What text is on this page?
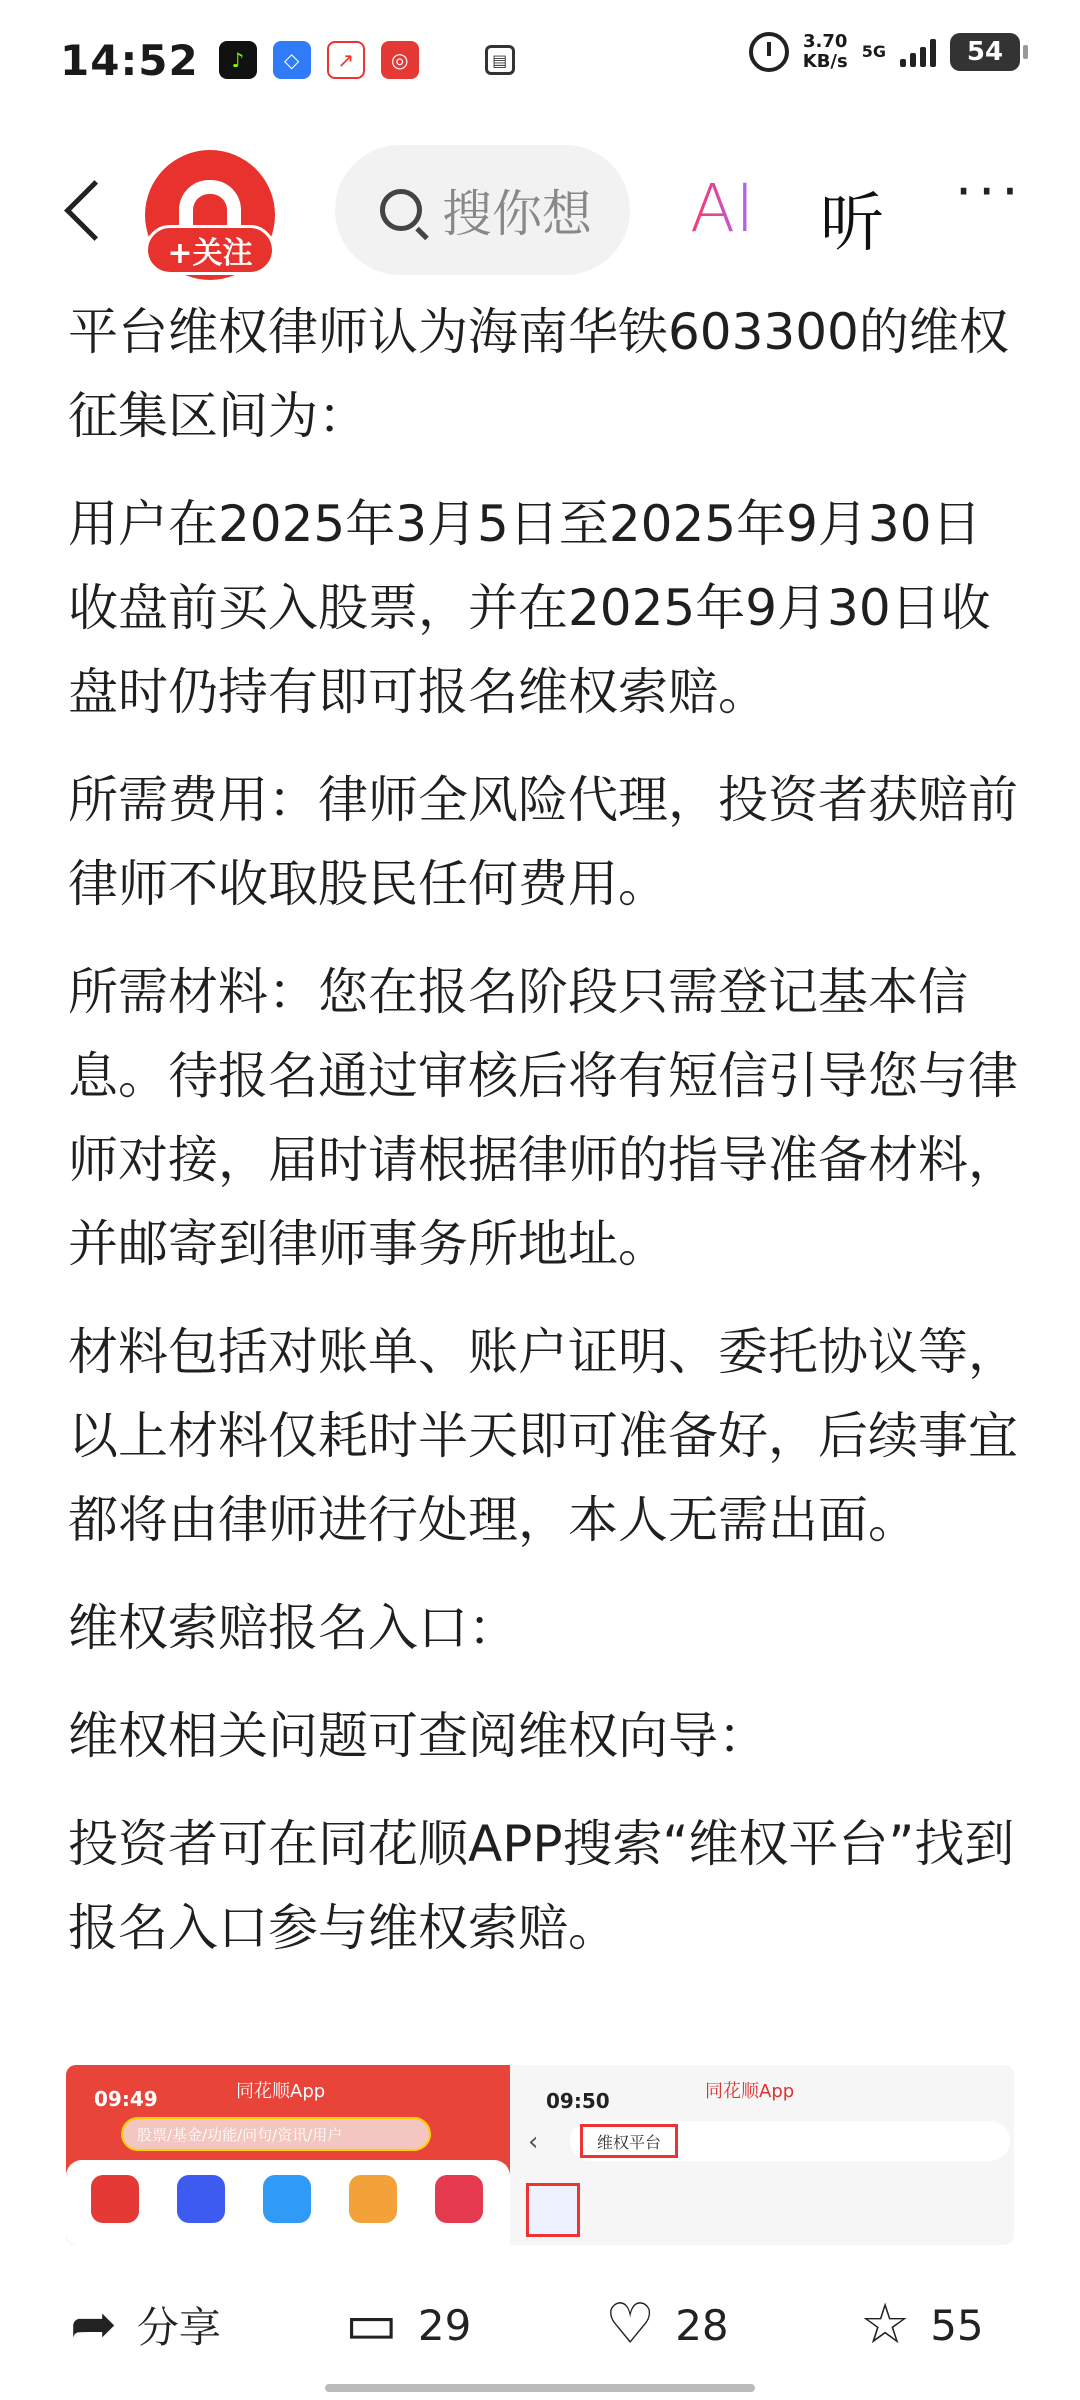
14:52	♪	◇	↗	◎	▤
3.70
KB/s 5G	54
+关注
搜你想 AI 听 ···

平台维权律师认为海南华铁603300的维权征集区间为：

用户在2025年3月5日至2025年9月30日收盘前买入股票，并在2025年9月30日收盘时仍持有即可报名维权索赔。

所需费用：律师全风险代理，投资者获赔前律师不收取股民任何费用。

所需材料：您在报名阶段只需登记基本信息。待报名通过审核后将有短信引导您与律师对接，届时请根据律师的指导准备材料，并邮寄到律师事务所地址。

材料包括对账单、账户证明、委托协议等，以上材料仅耗时半天即可准备好，后续事宜都将由律师进行处理，本人无需出面。

维权索赔报名入口：

维权相关问题可查阅维权向导：

投资者可在同花顺APP搜索“维权平台”找到报名入口参与维权索赔。

09:49	同花顺App
股票/基金/功能/问句/资讯/用户
09:50	同花顺App
‹	维权平台
➦ 分享 ▭ 29 ♡ 28 ☆ 55
